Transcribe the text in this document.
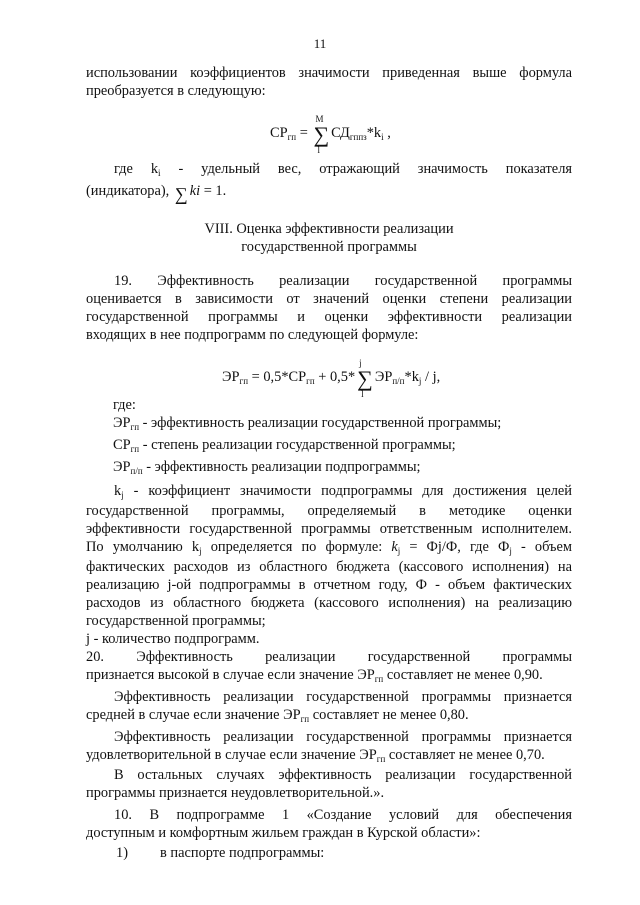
11
использовании коэффициентов значимости приведенная выше формула
преобразуется в следующую:
$СР_{гп}$ = ∑
M
l
$СД_{гппз}*k_i$ ,
где $k_i$ - удельный вес, отражающий значимость показателя
(индикатора), ∑ ki = 1.
VIII. Оценка эффективности реализации
государственной программы
19. Эффективность реализации государственной программы
оценивается в зависимости от значений оценки степени реализации
государственной программы и оценки эффективности реализации
входящих в нее подпрограмм по следующей формуле:
$ЭР_{гп} = 0,5*СР_{гп} + 0,5*\sum$
j
l
$ЭР_{п/п}*k_j$ / j,
где:
$ЭР_{гп}$ - эффективность реализации государственной программы;
$СР_{гп}$ - степень реализации государственной программы;
$ЭР_{п/п}$ - эффективность реализации подпрограммы;
$k_j$ - коэффициент значимости подпрограммы для достижения целей
государственной программы, определяемый в методике оценки
эффективности государственной программы ответственным исполнителем.
По умолчанию $k_j$ определяется по формуле: $k_j = Фj/Ф$, где $Ф_j$ - объем
фактических расходов из областного бюджета (кассового исполнения) на
реализацию j-ой подпрограммы в отчетном году, Ф - объем фактических
расходов из областного бюджета (кассового исполнения) на реализацию
государственной программы;
j - количество подпрограмм.
20. Эффективность реализации государственной программы
признается высокой в случае если значение $ЭР_{гп}$ составляет не менее 0,90.
Эффективность реализации государственной программы признается
средней в случае если значение $ЭР_{гп}$ составляет не менее 0,80.
Эффективность реализации государственной программы признается
удовлетворительной в случае если значение $ЭР_{гп}$ составляет не менее 0,70.
В остальных случаях эффективность реализации государственной
программы признается неудовлетворительной.».
10. В подпрограмме 1 «Создание условий для обеспечения
доступным и комфортным жильем граждан в Курской области»:
1)	в паспорте подпрограммы:
